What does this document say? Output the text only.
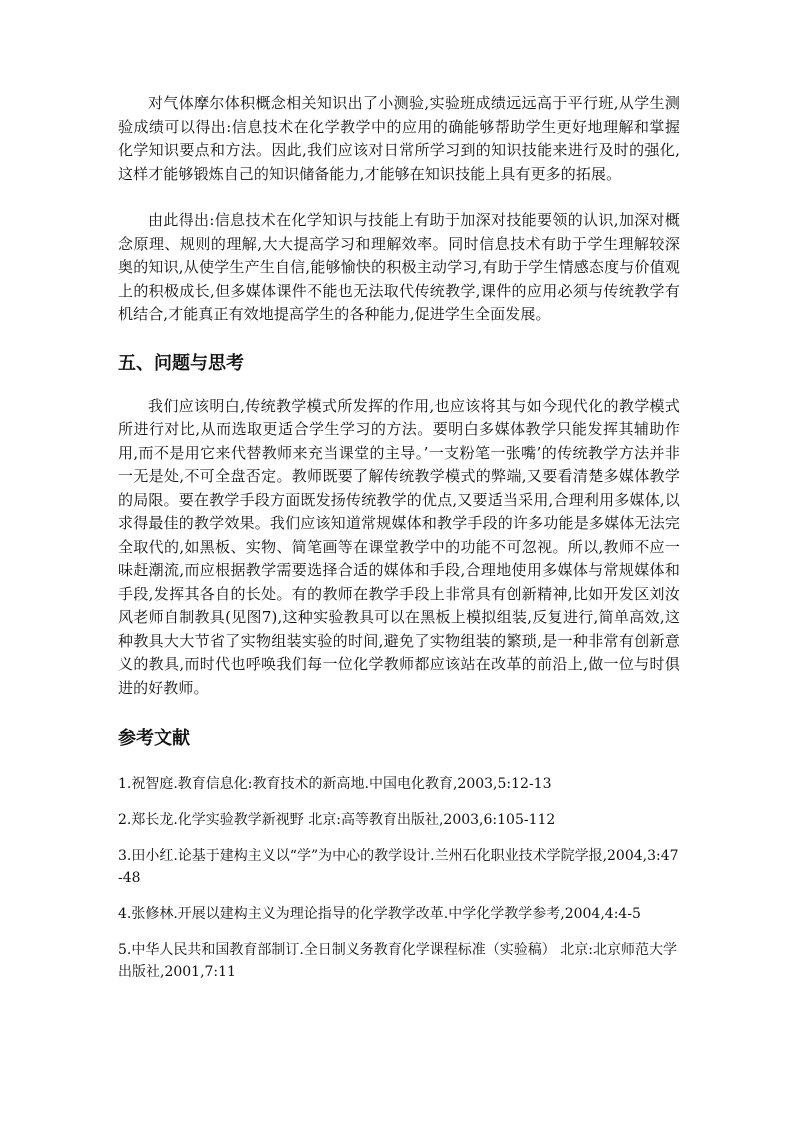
对气体摩尔体积概念相关知识出了小测验,实验班成绩远远高于平行班,从学生测验成绩可以得出:信息技术在化学教学中的应用的确能够帮助学生更好地理解和掌握化学知识要点和方法。因此,我们应该对日常所学习到的知识技能来进行及时的强化,这样才能够锻炼自己的知识储备能力,才能够在知识技能上具有更多的拓展。

由此得出:信息技术在化学知识与技能上有助于加深对技能要领的认识,加深对概念原理、规则的理解,大大提高学习和理解效率。同时信息技术有助于学生理解较深奥的知识,从使学生产生自信,能够愉快的积极主动学习,有助于学生情感态度与价值观上的积极成长,但多媒体课件不能也无法取代传统教学,课件的应用必须与传统教学有机结合,才能真正有效地提高学生的各种能力,促进学生全面发展。

五、问题与思考

我们应该明白,传统教学模式所发挥的作用,也应该将其与如今现代化的教学模式所进行对比,从而选取更适合学生学习的方法。要明白多媒体教学只能发挥其辅助作用,而不是用它来代替教师来充当课堂的主导。’一支粉笔一张嘴’的传统教学方法并非一无是处,不可全盘否定。教师既要了解传统教学模式的弊端,又要看清楚多媒体教学的局限。要在教学手段方面既发扬传统教学的优点,又要适当采用,合理利用多媒体,以求得最佳的教学效果。我们应该知道常规媒体和教学手段的许多功能是多媒体无法完全取代的,如黑板、实物、简笔画等在课堂教学中的功能不可忽视。所以,教师不应一味赶潮流,而应根据教学需要选择合适的媒体和手段,合理地使用多媒体与常规媒体和手段,发挥其各自的长处。有的教师在教学手段上非常具有创新精神,比如开发区刘汝风老师自制教具(见图7),这种实验教具可以在黑板上模拟组装,反复进行,简单高效,这种教具大大节省了实物组装实验的时间,避免了实物组装的繁琐,是一种非常有创新意义的教具,而时代也呼唤我们每一位化学教师都应该站在改革的前沿上,做一位与时俱进的好教师。

参考文献

1.祝智庭.教育信息化:教育技术的新高地.中国电化教育,2003,5:12-13

2.郑长龙.化学实验教学新视野 北京:高等教育出版社,2003,6:105-112

3.田小红.论基于建构主义以“学”为中心的教学设计.兰州石化职业技术学院学报,2004,3:47-48

4.张修林.开展以建构主义为理论指导的化学教学改革.中学化学教学参考,2004,4:4-5

5.中华人民共和国教育部制订.全日制义务教育化学课程标准（实验稿） 北京:北京师范大学出版社,2001,7:11
